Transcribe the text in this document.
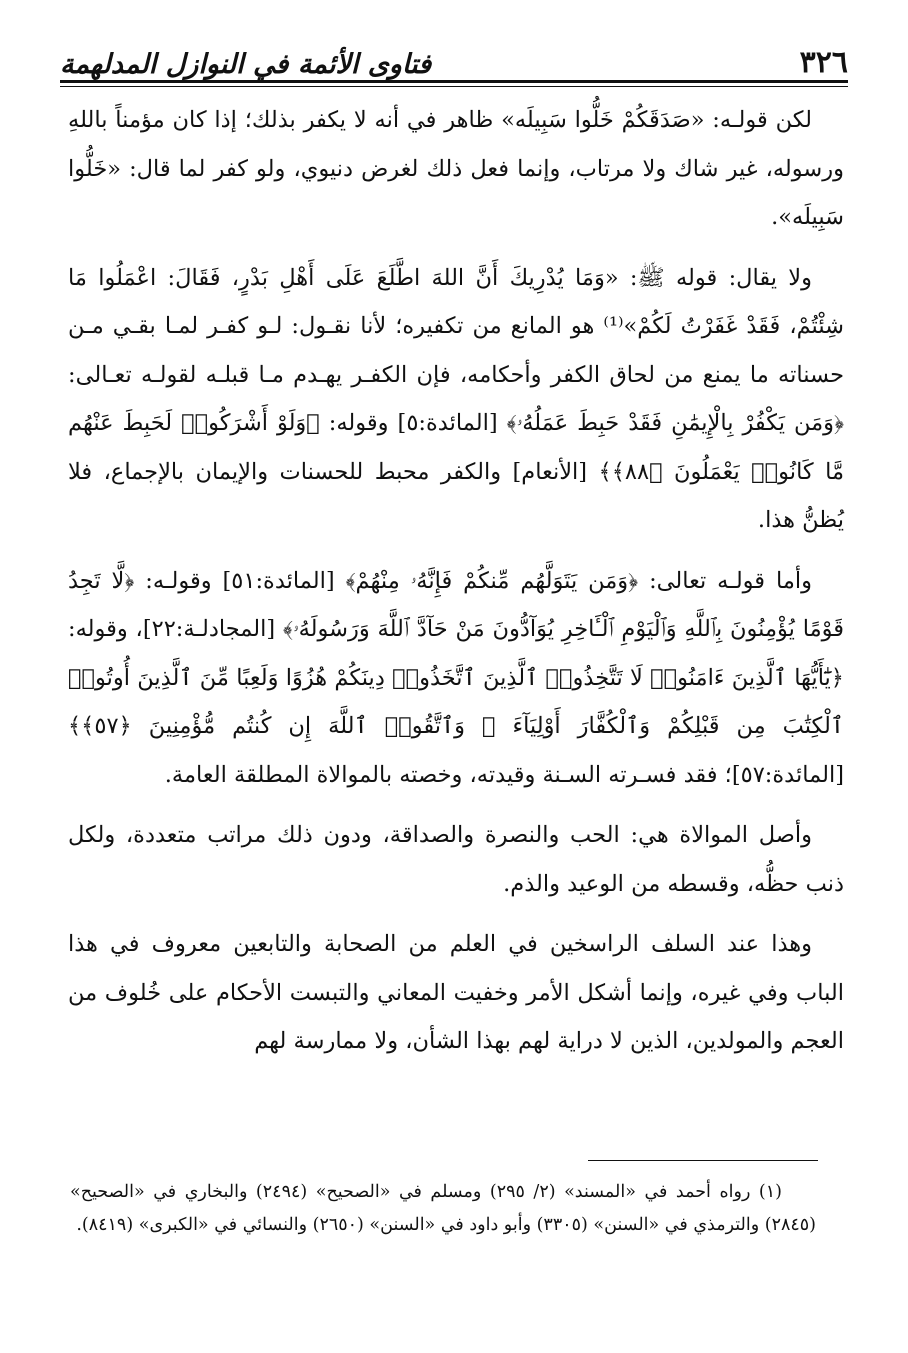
٣٢٦
فتاوى الأئمة في النوازل المدلهمة

لكن قولـه: «صَدَقَكُمْ خَلُّوا سَبِيلَه» ظاهر في أنه لا يكفر بذلك؛ إذا كان مؤمناً باللهِ ورسوله، غير شاك ولا مرتاب، وإنما فعل ذلك لغرض دنيوي، ولو كفر لما قال: «خَلُّوا سَبِيلَه».

ولا يقال: قوله ﷺ: «وَمَا يُدْرِيكَ أَنَّ اللهَ اطَّلَعَ عَلَى أَهْلِ بَدْرٍ، فَقَالَ: اعْمَلُوا مَا شِئْتُمْ، فَقَدْ غَفَرْتُ لَكُمْ»⁽¹⁾ هو المانع من تكفيره؛ لأنا نقـول: لـو كفـر لمـا بقـي مـن حسناته ما يمنع من لحاق الكفر وأحكامه، فإن الكفـر يهـدم مـا قبلـه لقولـه تعـالى: ﴿وَمَن يَكْفُرْ بِالْإِيمَٰنِ فَقَدْ حَبِطَ عَمَلُهُۥ﴾ [المائدة:٥] وقوله: ﴿وَلَوْ أَشْرَكُوا۟ لَحَبِطَ عَنْهُم مَّا كَانُوا۟ يَعْمَلُونَ ﴿٨٨﴾﴾ [الأنعام] والكفر محبط للحسنات والإيمان بالإجماع، فلا يُظنُّ هذا.

وأما قولـه تعالى: ﴿وَمَن يَتَوَلَّهُم مِّنكُمْ فَإِنَّهُۥ مِنْهُمْ﴾ [المائدة:٥١] وقولـه: ﴿لَّا تَجِدُ قَوْمًا يُؤْمِنُونَ بِٱللَّهِ وَٱلْيَوْمِ ٱلْـَٔاخِرِ يُوَآدُّونَ مَنْ حَآدَّ ٱللَّهَ وَرَسُولَهُۥ﴾ [المجادلـة:٢٢]، وقوله: ﴿يَٰٓأَيُّهَا ٱلَّذِينَ ءَامَنُوا۟ لَا تَتَّخِذُوا۟ ٱلَّذِينَ ٱتَّخَذُوا۟ دِينَكُمْ هُزُوًا وَلَعِبًا مِّنَ ٱلَّذِينَ أُوتُوا۟ ٱلْكِتَٰبَ مِن قَبْلِكُمْ وَٱلْكُفَّارَ أَوْلِيَآءَ ۚ وَٱتَّقُوا۟ ٱللَّهَ إِن كُنتُم مُّؤْمِنِينَ ﴿٥٧﴾﴾ [المائدة:٥٧]؛ فقد فسـرته السـنة وقيدته، وخصته بالموالاة المطلقة العامة.

وأصل الموالاة هي: الحب والنصرة والصداقة، ودون ذلك مراتب متعددة، ولكل ذنب حظُّه، وقسطه من الوعيد والذم.

وهذا عند السلف الراسخين في العلم من الصحابة والتابعين معروف في هذا الباب وفي غيره، وإنما أشكل الأمر وخفيت المعاني والتبست الأحكام على خُلوف من العجم والمولدين، الذين لا دراية لهم بهذا الشأن، ولا ممارسة لهم

(١) رواه أحمد في «المسند» (٢/ ٢٩٥) ومسلم في «الصحيح» (٢٤٩٤) والبخاري في «الصحيح» (٢٨٤٥) والترمذي في «السنن» (٣٣٠٥) وأبو داود في «السنن» (٢٦٥٠) والنسائي في «الكبرى» (٨٤١٩).
